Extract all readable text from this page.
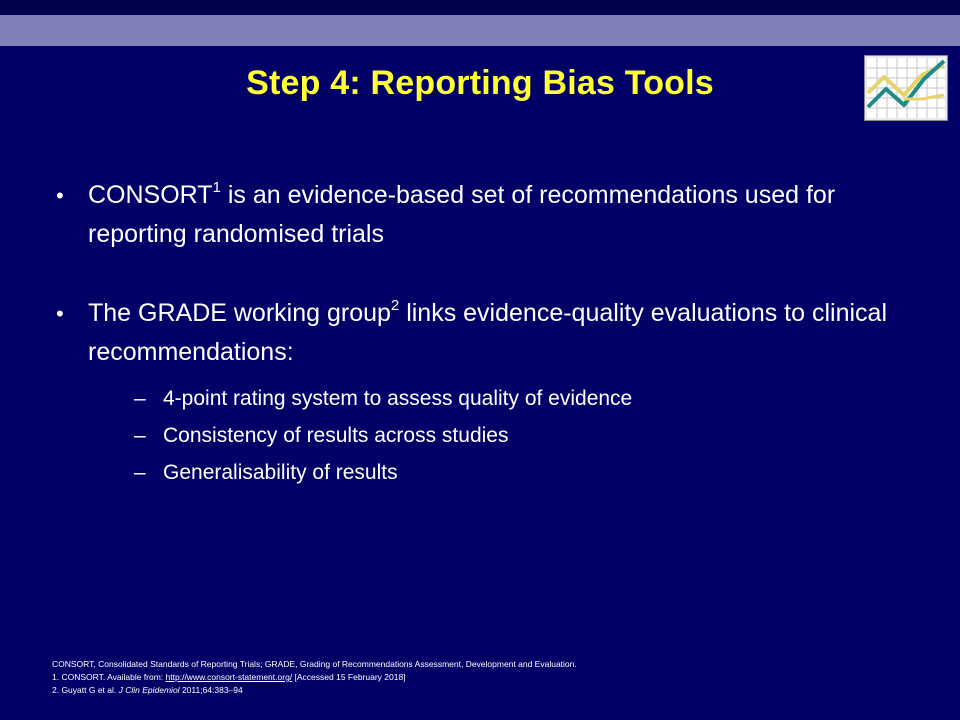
Step 4: Reporting Bias Tools
• CONSORT$^1$ is an evidence-based set of recommendations used for reporting randomised trials
• The GRADE working group$^2$ links evidence-quality evaluations to clinical recommendations:
– 4-point rating system to assess quality of evidence
– Consistency of results across studies
– Generalisability of results
CONSORT, Consolidated Standards of Reporting Trials; GRADE, Grading of Recommendations Assessment, Development and Evaluation.
1. CONSORT. Available from: http://www.consort-statement.org/ [Accessed 15 February 2018]
2. Guyatt G et al. J Clin Epidemiol 2011;64:383–94
